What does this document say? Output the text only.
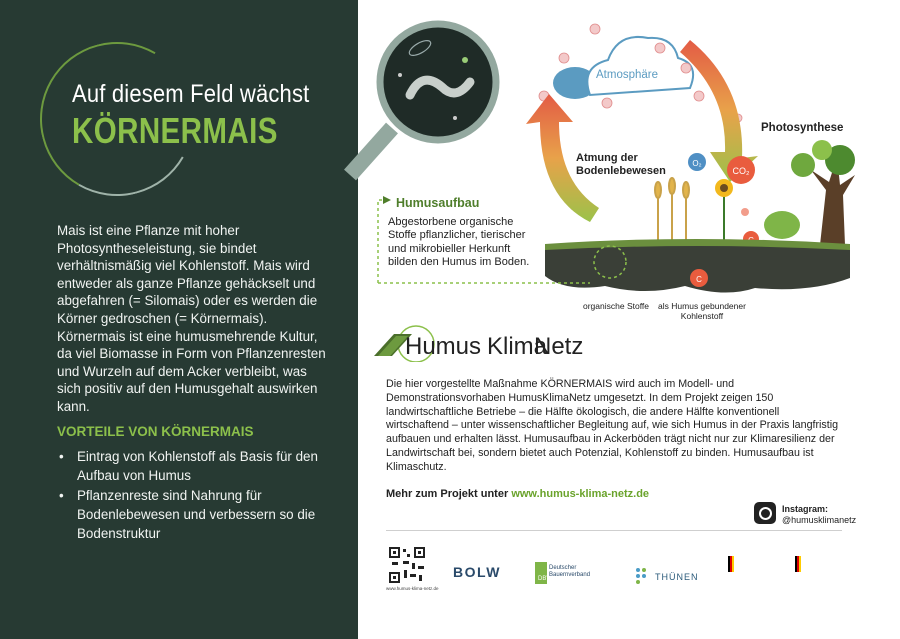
Auf diesem Feld wächst
KÖRNERMAIS
Mais ist eine Pflanze mit hoher Photosyntheseleistung, sie bindet verhältnismäßig viel Kohlenstoff. Mais wird entweder als ganze Pflanze gehäckselt und abgefahren (= Silomais) oder es werden die Körner gedroschen (= Körnermais). Körnermais ist eine humusmehrende Kultur, da viel Biomasse in Form von Pflanzenresten und Wurzeln auf dem Acker verbleibt, was sich positiv auf den Humusgehalt auswirken kann.
VORTEILE VON KÖRNERMAIS
• Eintrag von Kohlenstoff als Basis für den Aufbau von Humus
• Pflanzenreste sind Nahrung für Bodenlebewesen und verbessern so die Bodenstruktur
Atmosphäre
Photosynthese
O₂
CO₂
C
Humusaufbau
Abgestorbene organische Stoffe pflanzlicher, tierischer und mikrobieller Herkunft bilden den Humus im Boden.
Atmung der Bodenlebewesen
organische Stoffe	als Humus gebundener Kohlenstoff
Humus Klima
Netz
Die hier vorgestellte Maßnahme KÖRNERMAIS wird auch im Modell- und Demonstrationsvorhaben HumusKlimaNetz umgesetzt. In dem Projekt zeigen 150 landwirtschaftliche Betriebe – die Hälfte ökologisch, die andere Hälfte konventionell wirtschaftend – unter wissenschaftlicher Begleitung auf, wie sich Humus in der Praxis langfristig aufbauen und erhalten lässt. Humusaufbau in Ackerböden trägt nicht nur zur Klimaresilienz der Landwirtschaft bei, sondern bietet auch Potenzial, Kohlenstoff zu binden. Humusaufbau ist Klimaschutz.
Mehr zum Projekt unter www.humus-klima-netz.de
Instagram:
@humusklimanetz
www.humus-klima-netz.de
BOLW	DBV
Deutscher Bauernverband	THÜNEN
